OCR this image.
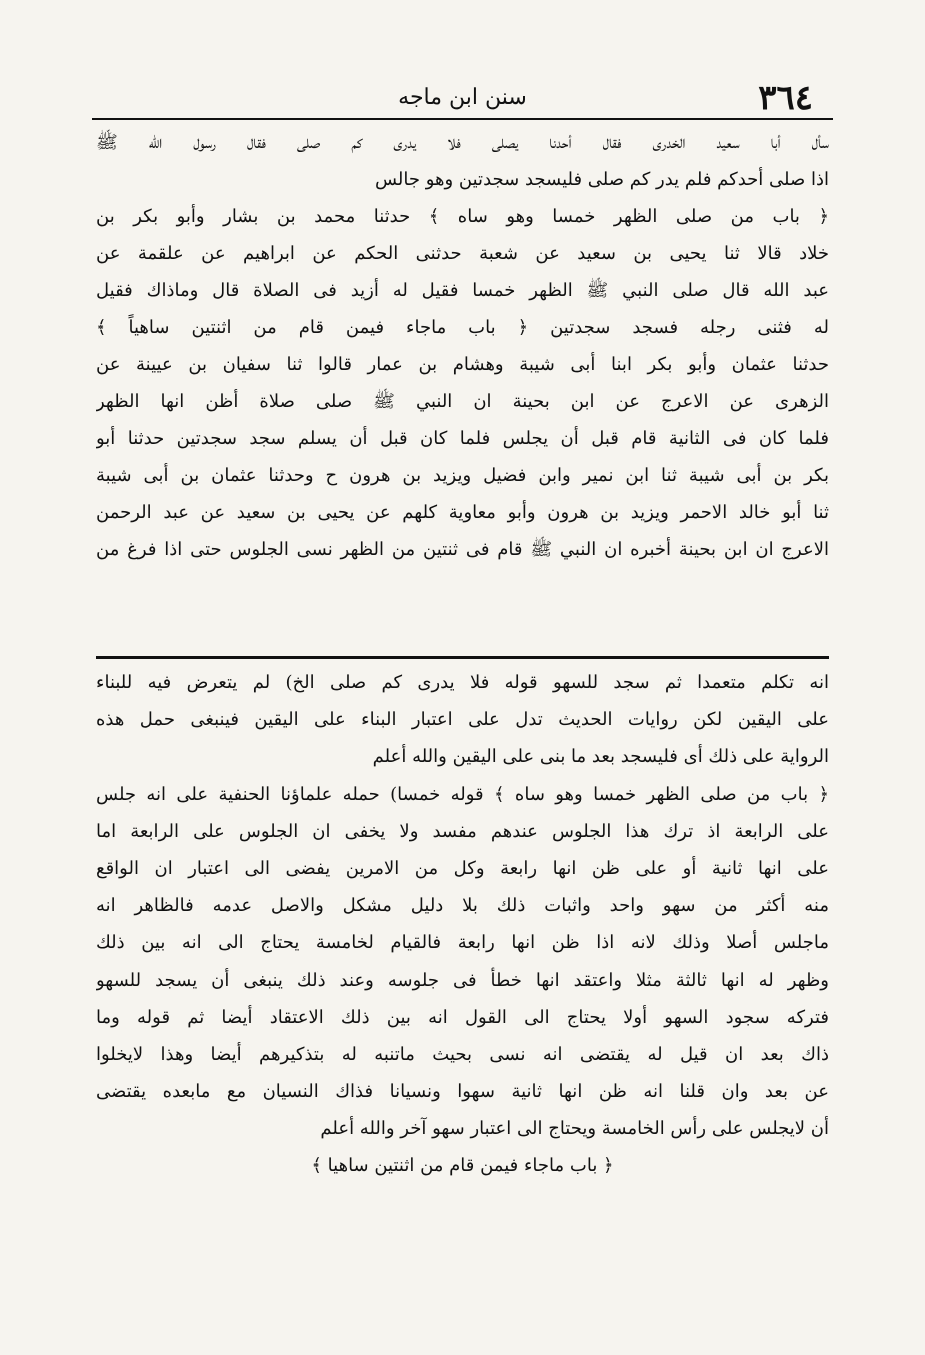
٣٦٤
سنن ابن ماجه
سأل أبا سعيد الخدرى فقال أحدنا يصلى فلا يدرى كم صلى فقال رسول الله ﷺ
اذا صلى أحدكم فلم يدر كم صلى فليسجد سجدتين وهو جالس
﴿ باب من صلى الظهر خمسا وهو ساه ﴾ حدثنا محمد بن بشار وأبو بكر بن
خلاد قالا ثنا يحيى بن سعيد عن شعبة حدثنى الحكم عن ابراهيم عن علقمة عن
عبد الله قال صلى النبي ﷺ الظهر خمسا فقيل له أزيد فى الصلاة قال وماذاك فقيل
له فثنى رجله فسجد سجدتين ﴿ باب ماجاء فيمن قام من اثنتين ساهياً ﴾
حدثنا عثمان وأبو بكر ابنا أبى شيبة وهشام بن عمار قالوا ثنا سفيان بن عيينة عن
الزهرى عن الاعرج عن ابن بحينة ان النبي ﷺ صلى صلاة أظن انها الظهر
فلما كان فى الثانية قام قبل أن يجلس فلما كان قبل أن يسلم سجد سجدتين حدثنا أبو
بكر بن أبى شيبة ثنا ابن نمير وابن فضيل ويزيد بن هرون ح وحدثنا عثمان بن أبى شيبة
ثنا أبو خالد الاحمر ويزيد بن هرون وأبو معاوية كلهم عن يحيى بن سعيد عن عبد الرحمن
الاعرج ان ابن بحينة أخبره ان النبي ﷺ قام فى ثنتين من الظهر نسى الجلوس حتى اذا فرغ من
انه تكلم متعمدا ثم سجد للسهو قوله فلا يدرى كم صلى الخ) لم يتعرض فيه للبناء
على اليقين لكن روايات الحديث تدل على اعتبار البناء على اليقين فينبغى حمل هذه
الرواية على ذلك أى فليسجد بعد ما بنى على اليقين والله أعلم
﴿ باب من صلى الظهر خمسا وهو ساه ﴾ قوله خمسا) حمله علماؤنا الحنفية على انه جلس
على الرابعة اذ ترك هذا الجلوس عندهم مفسد ولا يخفى ان الجلوس على الرابعة اما
على انها ثانية أو على ظن انها رابعة وكل من الامرين يفضى الى اعتبار ان الواقع
منه أكثر من سهو واحد واثبات ذلك بلا دليل مشكل والاصل عدمه فالظاهر انه
ماجلس أصلا وذلك لانه اذا ظن انها رابعة فالقيام لخامسة يحتاج الى انه بين ذلك
وظهر له انها ثالثة مثلا واعتقد انها خطأ فى جلوسه وعند ذلك ينبغى أن يسجد للسهو
فتركه سجود السهو أولا يحتاج الى القول انه بين ذلك الاعتقاد أيضا ثم قوله وما
ذاك بعد ان قيل له يقتضى انه نسى بحيث ماتنبه له بتذكيرهم أيضا وهذا لايخلوا
عن بعد وان قلنا انه ظن انها ثانية سهوا ونسيانا فذاك النسيان مع مابعده يقتضى
أن لايجلس على رأس الخامسة ويحتاج الى اعتبار سهو آخر والله أعلم
﴿ باب ماجاء فيمن قام من اثنتين ساهيا ﴾
